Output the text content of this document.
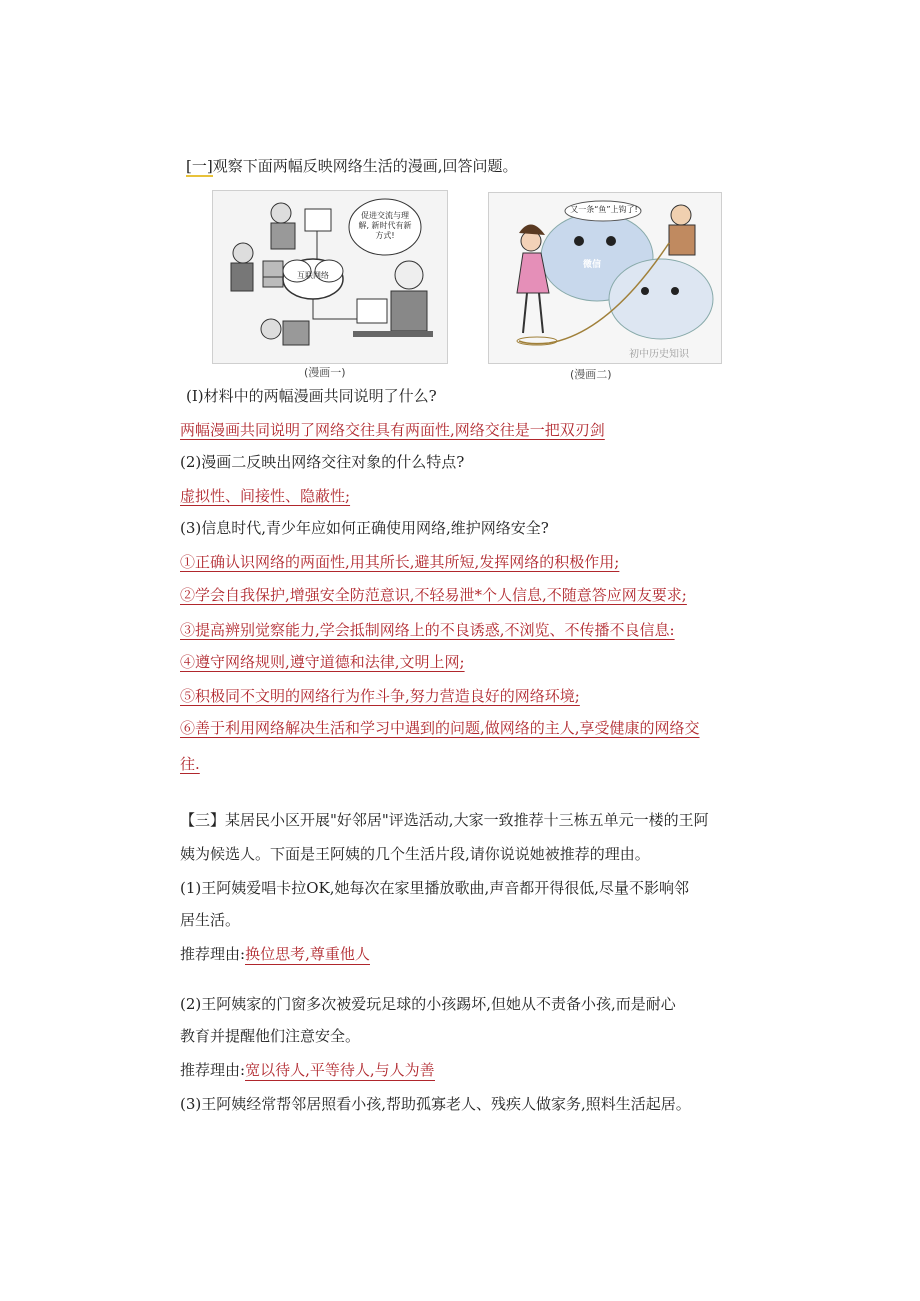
[一]观察下面两幅反映网络生活的漫画,回答问题。
促进交流与理解, 新时代有新方式!
互联网络
(漫画一)
又一条“鱼”上钩了!
微信
初中历史知识
(漫画二)
(I)材料中的两幅漫画共同说明了什么?
两幅漫画共同说明了网络交往具有两面性,网络交往是一把双刃剑
(2)漫画二反映出网络交往对象的什么特点?
虚拟性、间接性、隐蔽性;
(3)信息时代,青少年应如何正确使用网络,维护网络安全?
①正确认识网络的两面性,用其所长,避其所短,发挥网络的积极作用;
②学会自我保护,增强安全防范意识,不轻易泄*个人信息,不随意答应网友要求;
③提高辨别觉察能力,学会抵制网络上的不良诱惑,不浏览、不传播不良信息:
④遵守网络规则,遵守道德和法律,文明上网;
⑤积极同不文明的网络行为作斗争,努力营造良好的网络环境;
⑥善于利用网络解决生活和学习中遇到的问题,做网络的主人,享受健康的网络交
往.
【三】某居民小区开展"好邻居"评选活动,大家一致推荐十三栋五单元一楼的王阿
姨为候选人。下面是王阿姨的几个生活片段,请你说说她被推荐的理由。
(1)王阿姨爱唱卡拉OK,她每次在家里播放歌曲,声音都开得很低,尽量不影响邻
居生活。
推荐理由:换位思考,尊重他人
(2)王阿姨家的门窗多次被爱玩足球的小孩踢坏,但她从不责备小孩,而是耐心
教育并提醒他们注意安全。
推荐理由:宽以待人,平等待人,与人为善
(3)王阿姨经常帮邻居照看小孩,帮助孤寡老人、残疾人做家务,照料生活起居。
